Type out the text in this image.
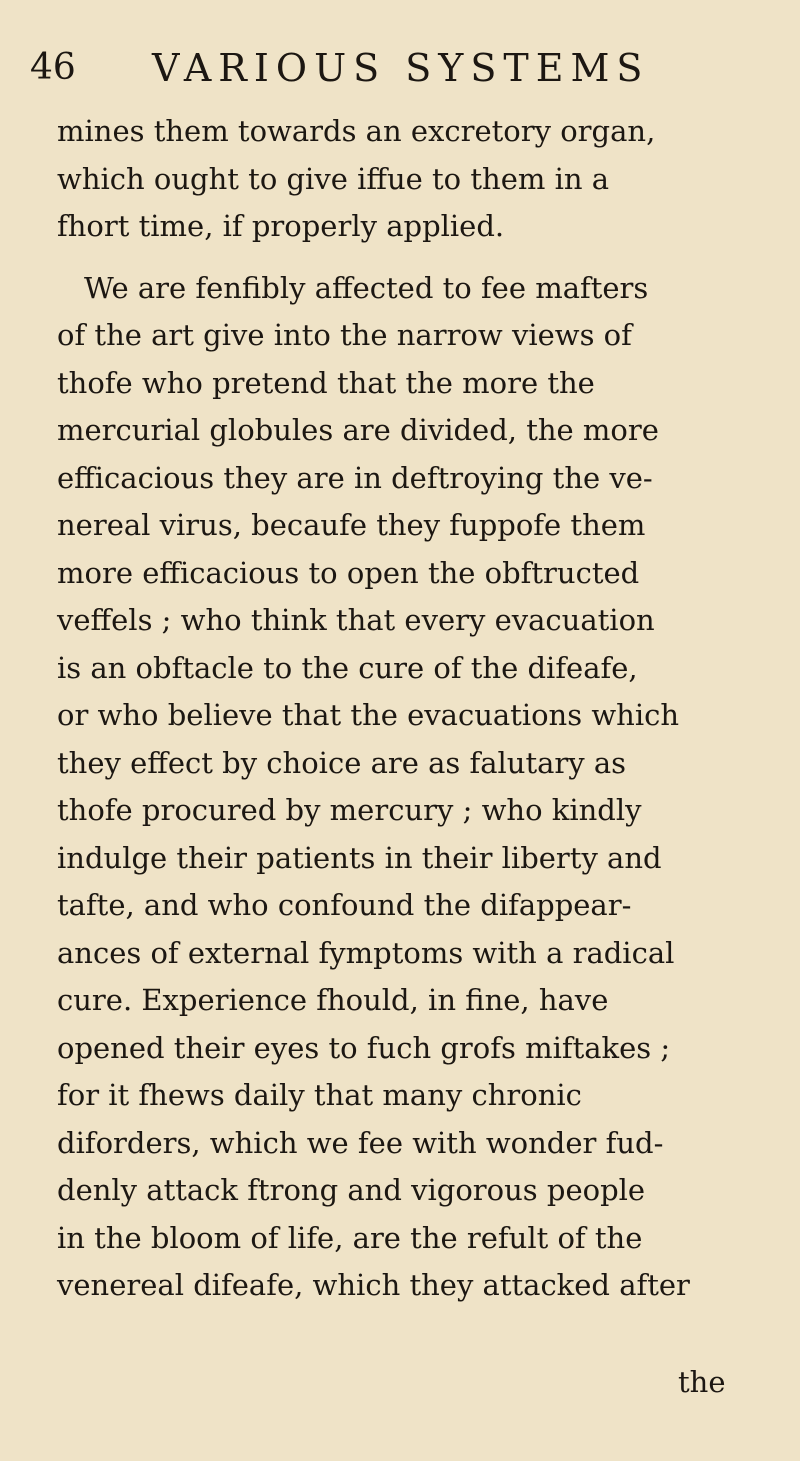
46 VARIOUS SYSTEMS
mines them towards an excretory organ,
which ought to give iffue to them in a
fhort time, if properly applied.
We are fenfibly affected to fee mafters
of the art give into the narrow views of
thofe who pretend that the more the
mercurial globules are divided, the more
efficacious they are in deftroying the ve-
nereal virus, becaufe they fuppofe them
more efficacious to open the obftructed
veffels ; who think that every evacuation
is an obftacle to the cure of the difeafe,
or who believe that the evacuations which
they effect by choice are as falutary as
thofe procured by mercury ; who kindly
indulge their patients in their liberty and
tafte, and who confound the difappear-
ances of external fymptoms with a radical
cure. Experience fhould, in fine, have
opened their eyes to fuch grofs miftakes ;
for it fhews daily that many chronic
diforders, which we fee with wonder fud-
denly attack ftrong and vigorous people
in the bloom of life, are the refult of the
venereal difeafe, which they attacked after
the
